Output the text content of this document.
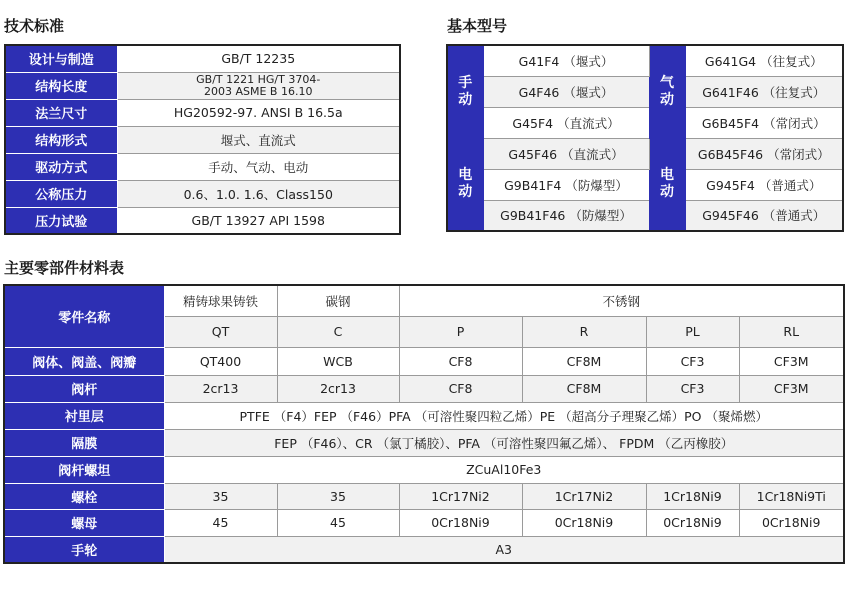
技术标准	基本型号
主要零部件材料表
设计与制造	GB/T 12235
结构长度	GB/T 1221 HG/T 3704-2003 ASME B 16.10
法兰尺寸	HG20592-97. ANSI B 16.5a
结构形式	堰式、直流式
驱动方式	手动、气动、电动
公称压力	0.6、1.0. 1.6、Class150
压力试验	GB/T 13927 API 1598
手动	G41F4 （堰式）	气动	G641G4 （往复式）
	G4F46 （堰式）		G641F46 （往复式）
	G45F4 （直流式）		G6B45F4 （常闭式）
电动	G45F46 （直流式）	电动	G6B45F46 （常闭式）
	G9B41F4 （防爆型）		G945F4 （普通式）
	G9B41F46 （防爆型）		G945F46 （普通式）
零件名称	精铸球果铸铁	碳钢	不锈钢			
	QT	C	P	R	PL	RL
阀体、阀盖、阀瓣	QT400	WCB	CF8	CF8M	CF3	CF3M
阀杆	2cr13	2cr13	CF8	CF8M	CF3	CF3M
衬里层	PTFE （F4）FEP （F46）PFA （可溶性聚四粒乙烯）PE （超高分子理聚乙烯）PO （聚烯燃）					
隔膜	FEP （F46）、CR （氯丁橘胶）、PFA （可溶性聚四氟乙烯）、 FPDM （乙丙橡胶）					
阀杆螺坦	ZCuAl10Fe3					
螺栓	35	35	1Cr17Ni2	1Cr17Ni2	1Cr18Ni9	1Cr18Ni9Ti
螺母	45	45	0Cr18Ni9	0Cr18Ni9	0Cr18Ni9	0Cr18Ni9
手轮	A3					
